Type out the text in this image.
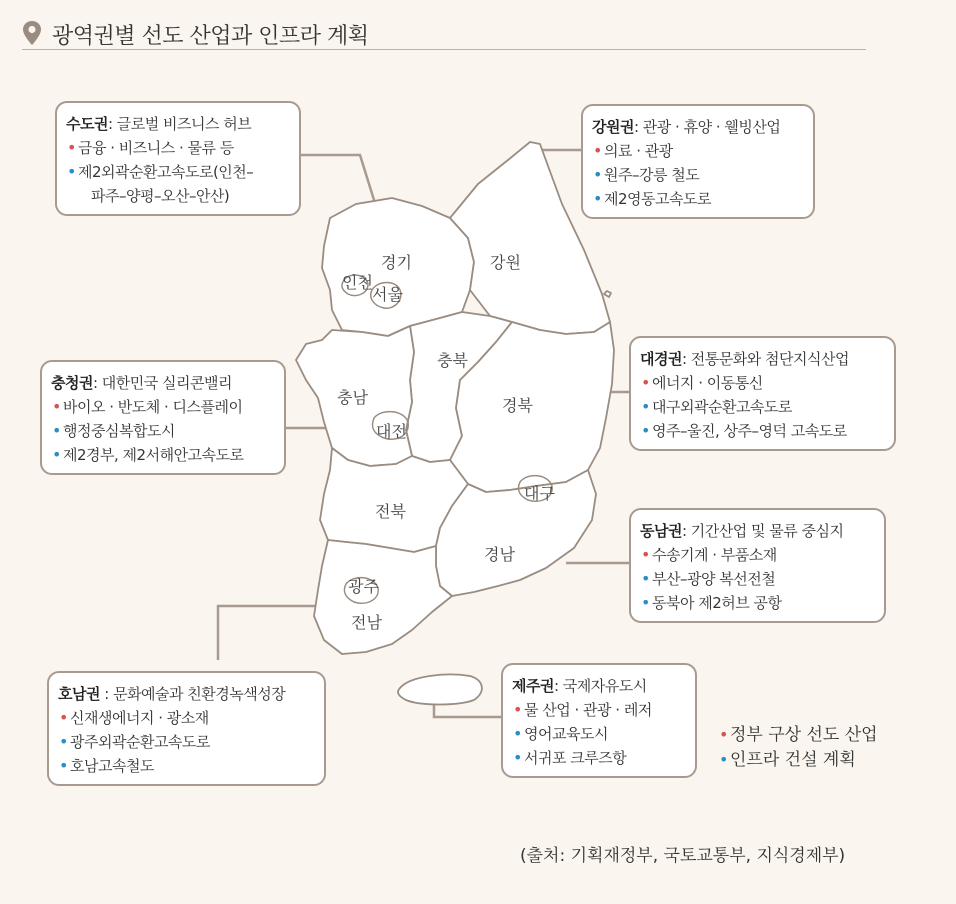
광역권별 선도 산업과 인프라 계획
경기
인천
서울
강원
충북
충남
대전
경북
대구
전북
경남
광주
전남
수도권: 글로벌 비즈니스 허브
• 금융 · 비즈니스 · 물류 등
• 제2외곽순환고속도로(인천–
파주–양평–오산–안산)
강원권: 관광 · 휴양 · 웰빙산업
• 의료 · 관광
• 원주–강릉 철도
• 제2영동고속도로
충청권: 대한민국 실리콘밸리
• 바이오 · 반도체 · 디스플레이
• 행정중심복합도시
• 제2경부, 제2서해안고속도로
대경권: 전통문화와 첨단지식산업
• 에너지 · 이동통신
• 대구외곽순환고속도로
• 영주–울진, 상주–영덕 고속도로
동남권: 기간산업 및 물류 중심지
• 수송기계 · 부품소재
• 부산–광양 복선전철
• 동북아 제2허브 공항
호남권 : 문화예술과 친환경녹색성장
• 신재생에너지 · 광소재
• 광주외곽순환고속도로
• 호남고속철도
제주권: 국제자유도시
• 물 산업 · 관광 · 레저
• 영어교육도시
• 서귀포 크루즈항
• 정부 구상 선도 산업
• 인프라 건설 계획
(출처: 기획재정부, 국토교통부, 지식경제부)
